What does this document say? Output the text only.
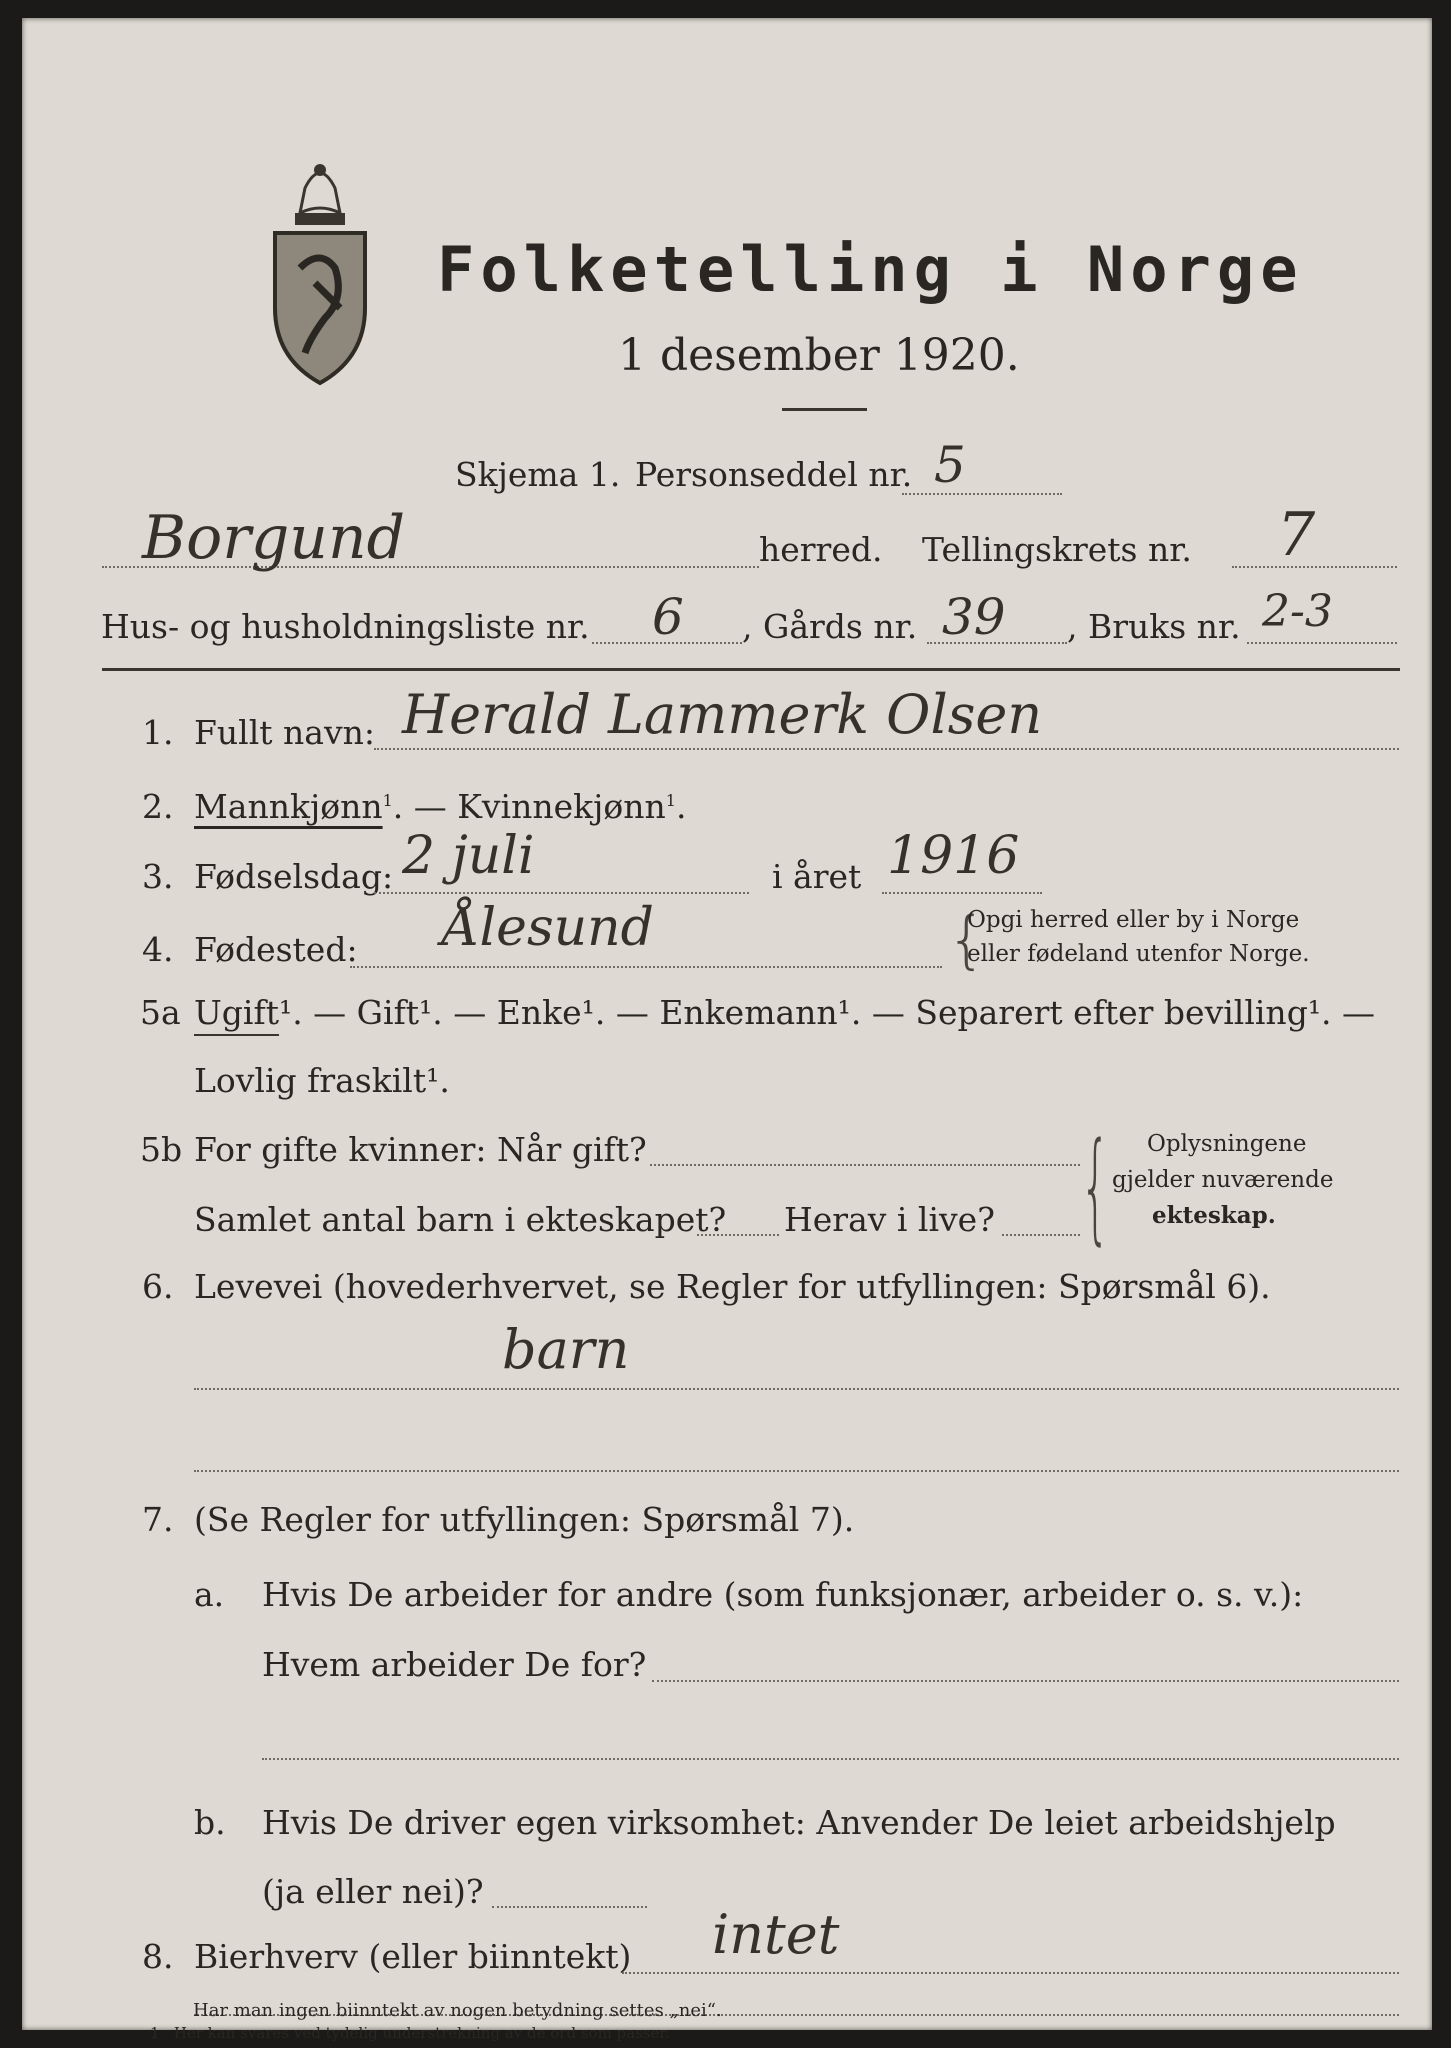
Folketelling i Norge
1 desember 1920.
Skjema 1. Personseddel nr. 5
Borgund	herred. Tellingskrets nr. 7
Hus- og husholdningsliste nr. 6 , Gårds nr. 39 , Bruks nr. 2-3
1. Fullt navn: Herald Lammerk Olsen
2. Mannkjønn$^1$. — Kvinnekjønn$^1$.
3. Fødselsdag: 2 juli	i året 1916
4. Fødested: Ålesund	{
Opgi herred eller by i Norge
eller fødeland utenfor Norge.
5a Ugift¹. — Gift¹. — Enke¹. — Enkemann¹. — Separert efter bevilling¹. —
Lovlig fraskilt¹.
5b For gifte kvinner: Når gift?
Samlet antal barn i ekteskapet? Herav i live? { Oplysningene
gjelder nuværende
ekteskap.
6. Levevei (hovederhvervet, se Regler for utfyllingen: Spørsmål 6).
barn
7. (Se Regler for utfyllingen: Spørsmål 7).
a. Hvis De arbeider for andre (som funksjonær, arbeider o. s. v.):
Hvem arbeider De for?
b. Hvis De driver egen virksomhet: Anvender De leiet arbeidshjelp
(ja eller nei)?
8. Bierhverv (eller biinntekt) intet
Har man ingen biinntekt av nogen betydning settes „nei“.
1 Her kan svares ved tydelig understrekning av de ord som passer.
